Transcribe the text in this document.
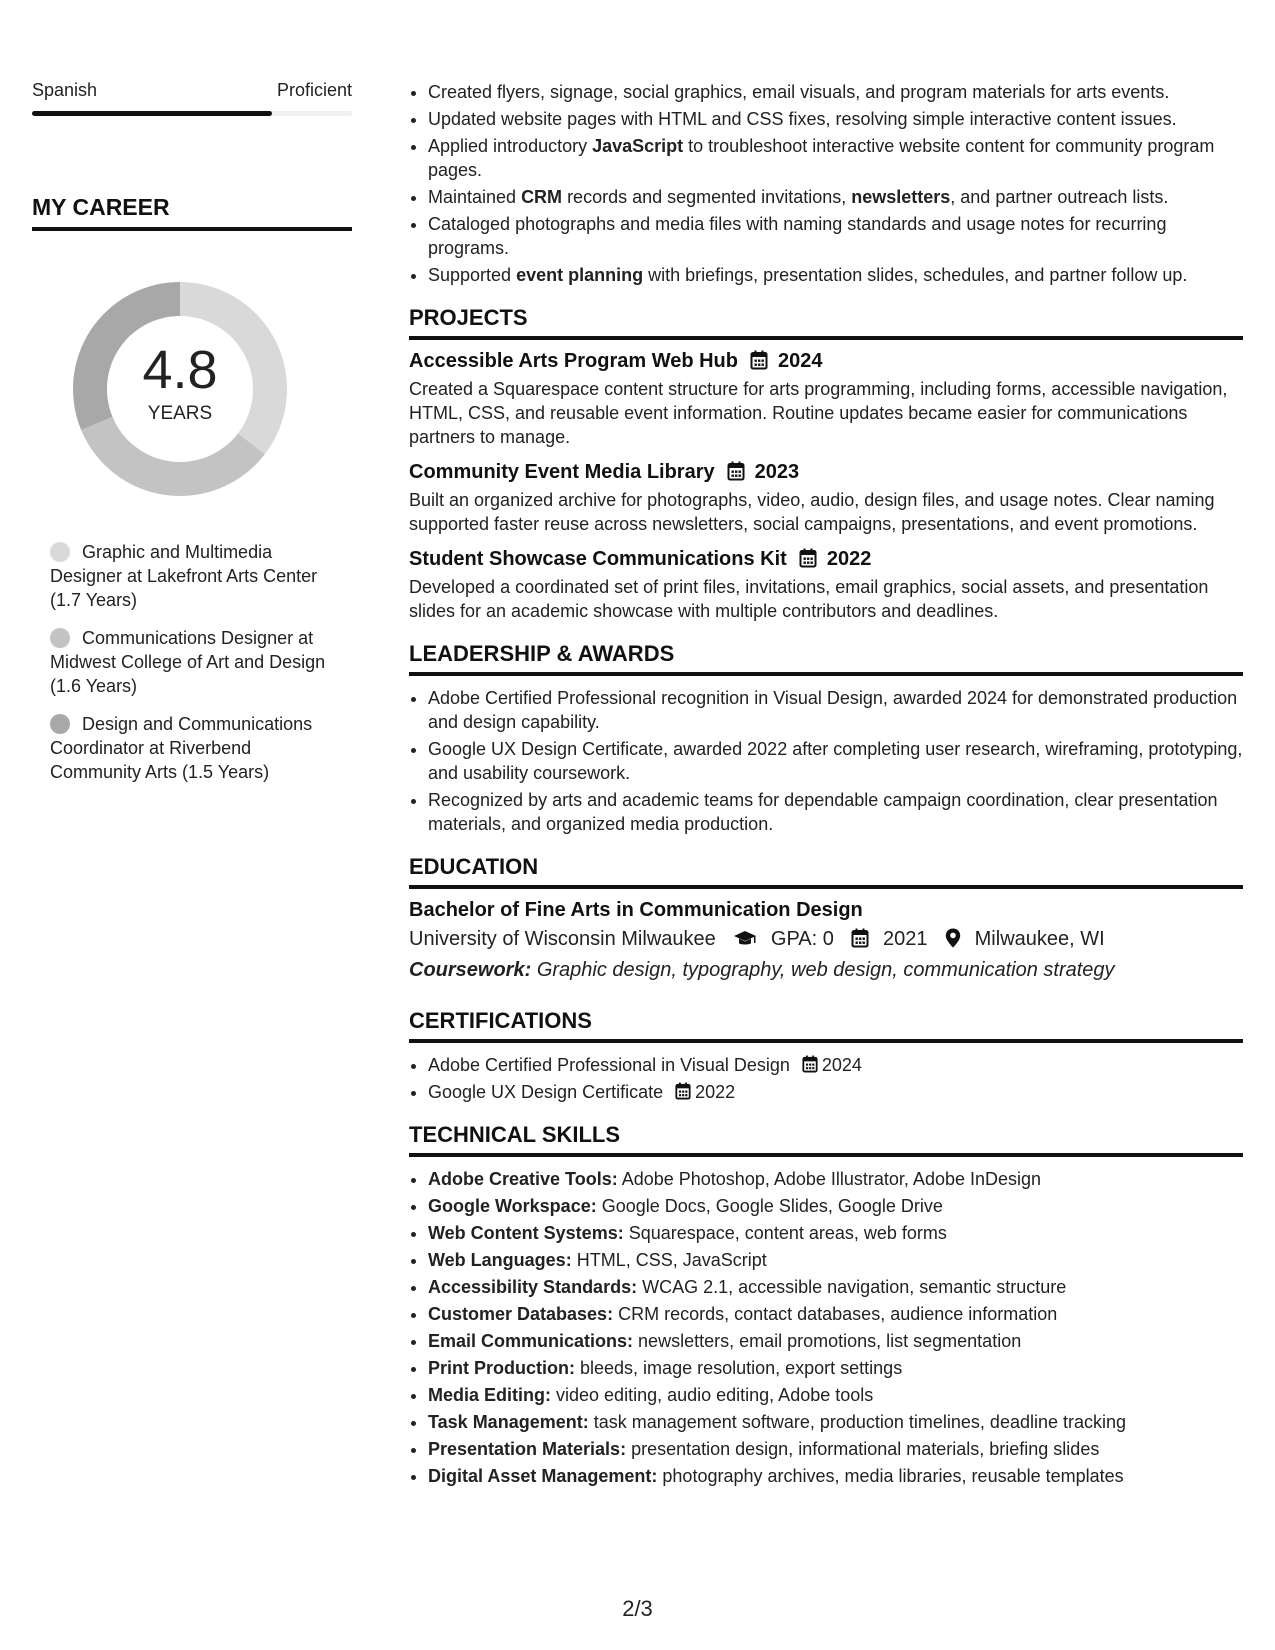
Spanish	Proficient
MY CAREER
4.8
YEARS
Graphic and Multimedia Designer at Lakefront Arts Center (1.7 Years)
Communications Designer at Midwest College of Art and Design (1.6 Years)
Design and Communications Coordinator at Riverbend Community Arts (1.5 Years)
• Created flyers, signage, social graphics, email visuals, and program materials for arts events.
• Updated website pages with HTML and CSS fixes, resolving simple interactive content issues.
• Applied introductory JavaScript to troubleshoot interactive website content for community program pages.
• Maintained CRM records and segmented invitations, newsletters, and partner outreach lists.
• Cataloged photographs and media files with naming standards and usage notes for recurring programs.
• Supported event planning with briefings, presentation slides, schedules, and partner follow up.
PROJECTS
Accessible Arts Program Web Hub 2024
Created a Squarespace content structure for arts programming, including forms, accessible navigation, HTML, CSS, and reusable event information. Routine updates became easier for communications partners to manage.
Community Event Media Library 2023
Built an organized archive for photographs, video, audio, design files, and usage notes. Clear naming supported faster reuse across newsletters, social campaigns, presentations, and event promotions.
Student Showcase Communications Kit 2022
Developed a coordinated set of print files, invitations, email graphics, social assets, and presentation slides for an academic showcase with multiple contributors and deadlines.
LEADERSHIP & AWARDS
• Adobe Certified Professional recognition in Visual Design, awarded 2024 for demonstrated production and design capability.
• Google UX Design Certificate, awarded 2022 after completing user research, wireframing, prototyping, and usability coursework.
• Recognized by arts and academic teams for dependable campaign coordination, clear presentation materials, and organized media production.
EDUCATION
Bachelor of Fine Arts in Communication Design
University of Wisconsin Milwaukee	GPA: 0 2021 Milwaukee, WI
Coursework: Graphic design, typography, web design, communication strategy
CERTIFICATIONS
• Adobe Certified Professional in Visual Design 2024
• Google UX Design Certificate 2022
TECHNICAL SKILLS
• Adobe Creative Tools: Adobe Photoshop, Adobe Illustrator, Adobe InDesign
• Google Workspace: Google Docs, Google Slides, Google Drive
• Web Content Systems: Squarespace, content areas, web forms
• Web Languages: HTML, CSS, JavaScript
• Accessibility Standards: WCAG 2.1, accessible navigation, semantic structure
• Customer Databases: CRM records, contact databases, audience information
• Email Communications: newsletters, email promotions, list segmentation
• Print Production: bleeds, image resolution, export settings
• Media Editing: video editing, audio editing, Adobe tools
• Task Management: task management software, production timelines, deadline tracking
• Presentation Materials: presentation design, informational materials, briefing slides
• Digital Asset Management: photography archives, media libraries, reusable templates
2/3
